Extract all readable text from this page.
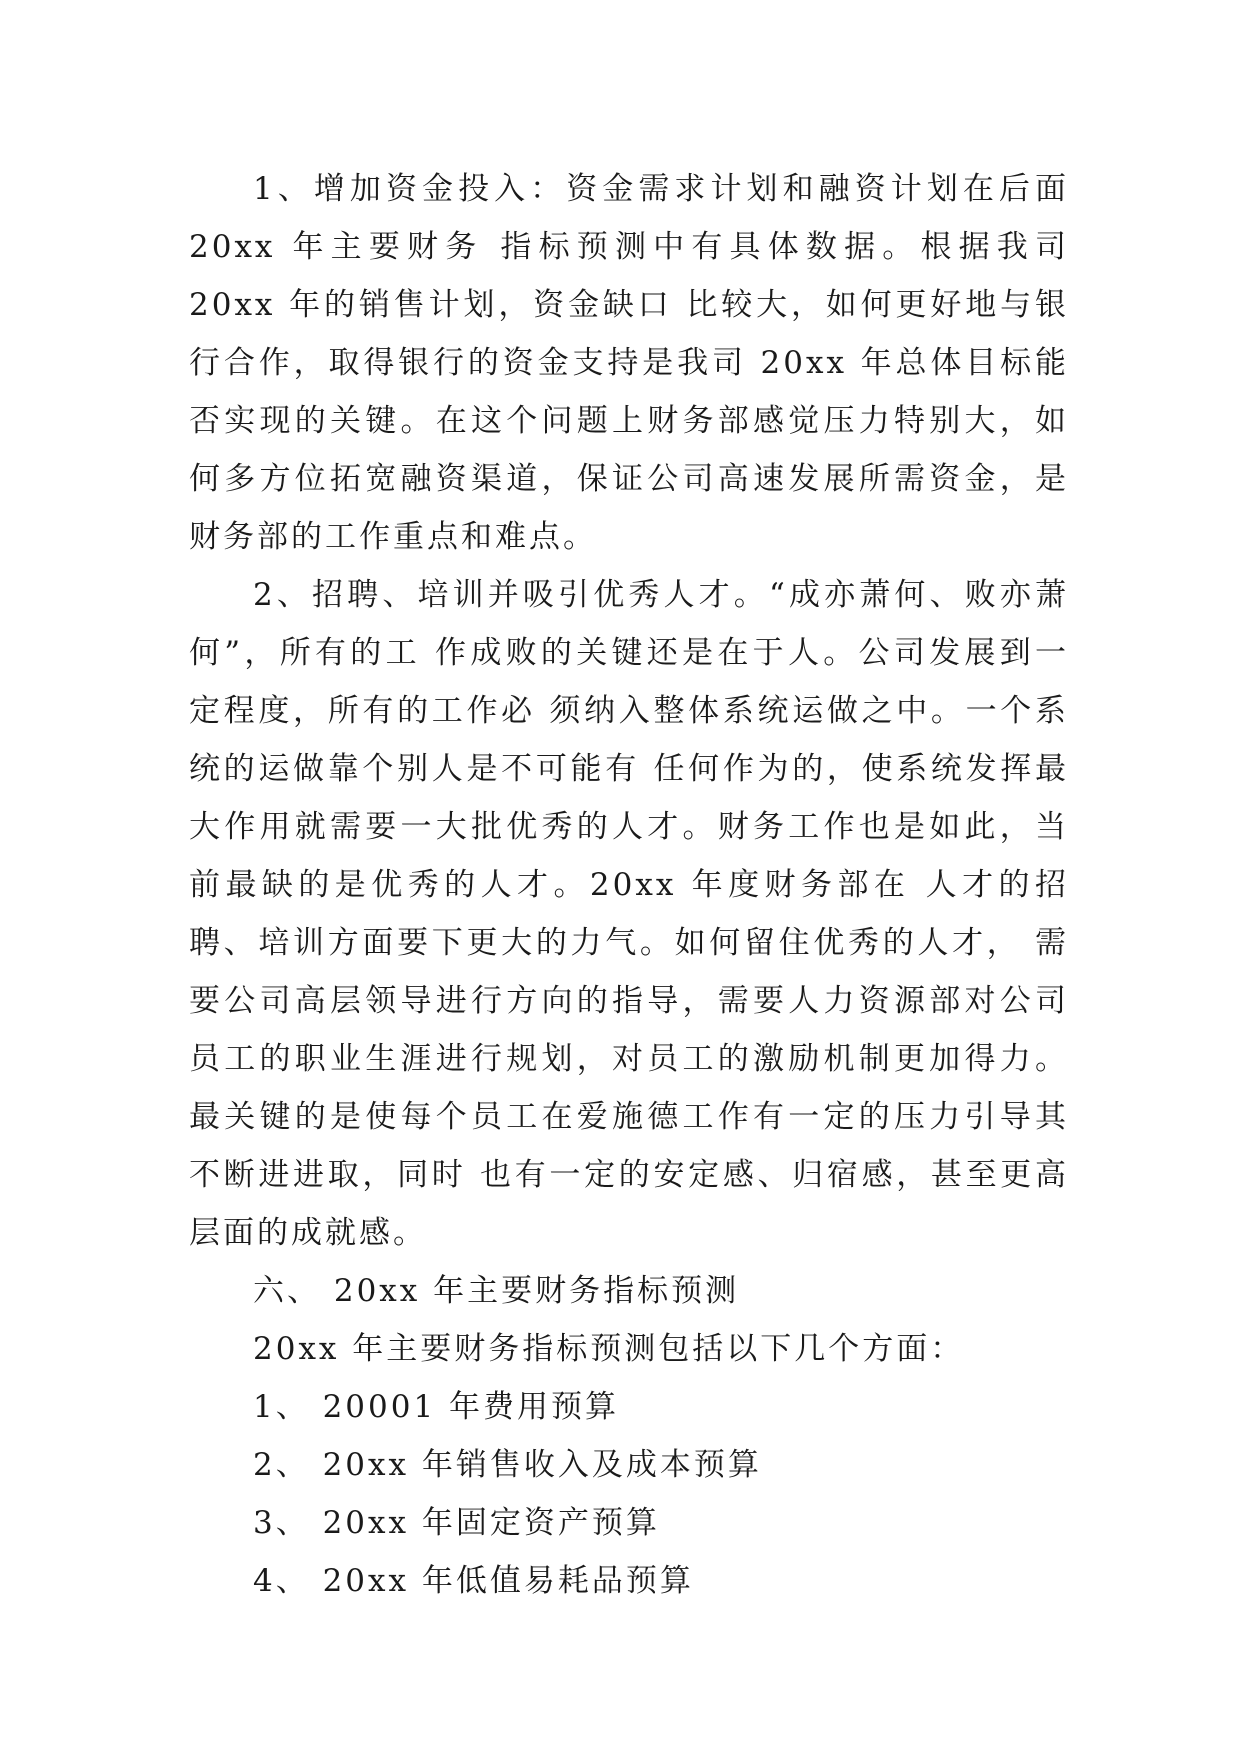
1、增加资金投入：资金需求计划和融资计划在后面 20xx 年主要财务 指标预测中有具体数据。根据我司 20xx 年的销售计划，资金缺口 比较大，如何更好地与银行合作，取得银行的资金支持是我司 20xx 年总体目标能否实现的关键。在这个问题上财务部感觉压力特别大，如何多方位拓宽融资渠道，保证公司高速发展所需资金，是 财务部的工作重点和难点。

2、招聘、培训并吸引优秀人才。“成亦萧何、败亦萧何”，所有的工 作成败的关键还是在于人。公司发展到一定程度，所有的工作必 须纳入整体系统运做之中。一个系统的运做靠个别人是不可能有 任何作为的，使系统发挥最大作用就需要一大批优秀的人才。财务工作也是如此，当前最缺的是优秀的人才。20xx 年度财务部在 人才的招聘、培训方面要下更大的力气。如何留住优秀的人才， 需要公司高层领导进行方向的指导，需要人力资源部对公司员工的职业生涯进行规划，对员工的激励机制更加得力。最关键的是使每个员工在爱施德工作有一定的压力引导其不断进进取，同时 也有一定的安定感、归宿感，甚至更高层面的成就感。

六、 20xx 年主要财务指标预测

20xx 年主要财务指标预测包括以下几个方面：

1、 20001 年费用预算

2、 20xx 年销售收入及成本预算

3、 20xx 年固定资产预算

4、 20xx 年低值易耗品预算
